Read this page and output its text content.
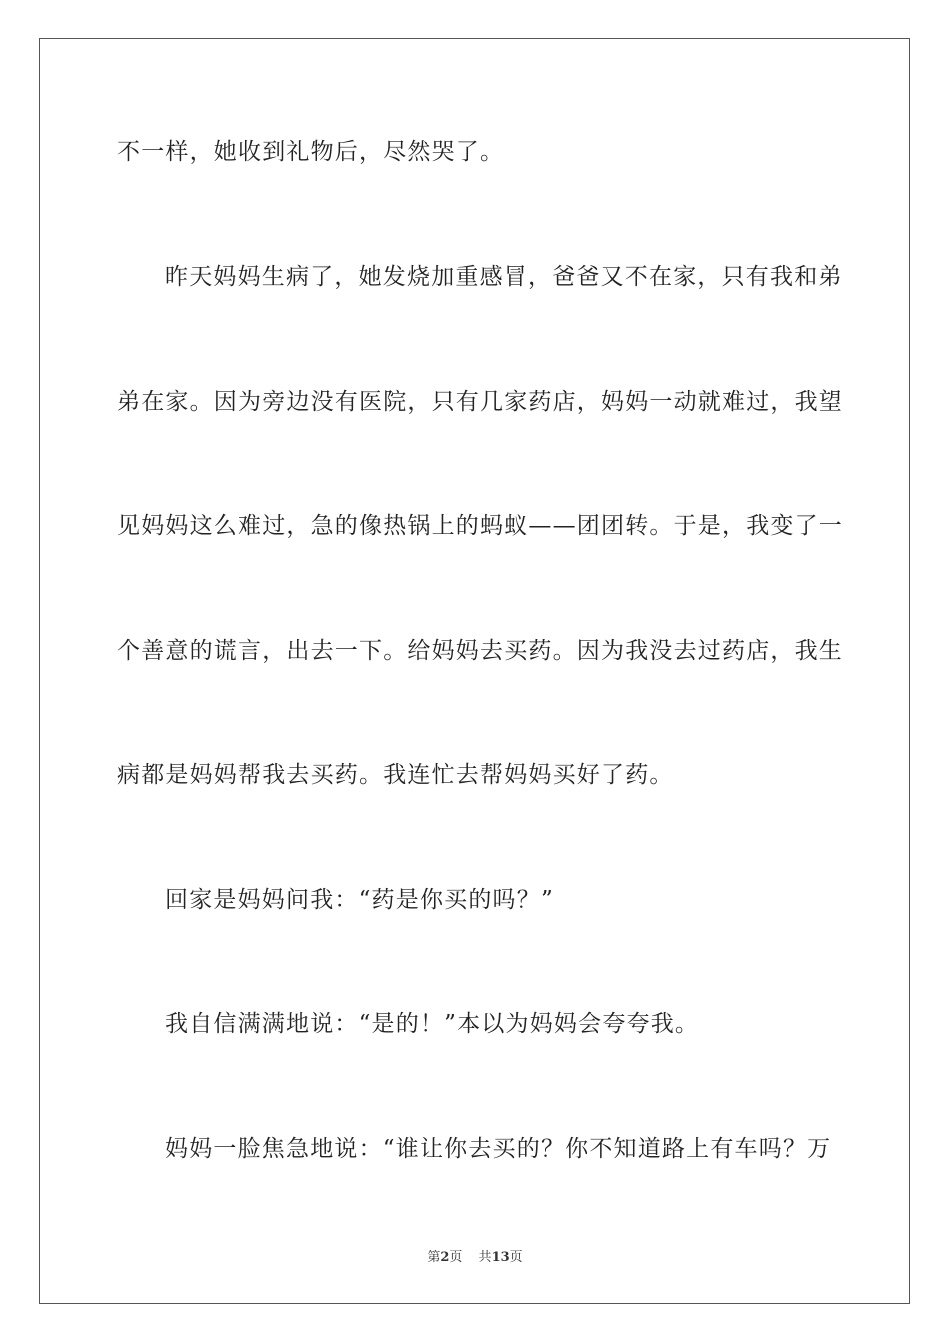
不一样，她收到礼物后，尽然哭了。
昨天妈妈生病了，她发烧加重感冒，爸爸又不在家，只有我和弟
弟在家。因为旁边没有医院，只有几家药店，妈妈一动就难过，我望
见妈妈这么难过，急的像热锅上的蚂蚁——团团转。于是，我变了一
个善意的谎言，出去一下。给妈妈去买药。因为我没去过药店，我生
病都是妈妈帮我去买药。我连忙去帮妈妈买好了药。
回家是妈妈问我：“药是你买的吗？”
我自信满满地说：“是的！”本以为妈妈会夸夸我。
妈妈一脸焦急地说：“谁让你去买的？你不知道路上有车吗？万
第2页 共13页
